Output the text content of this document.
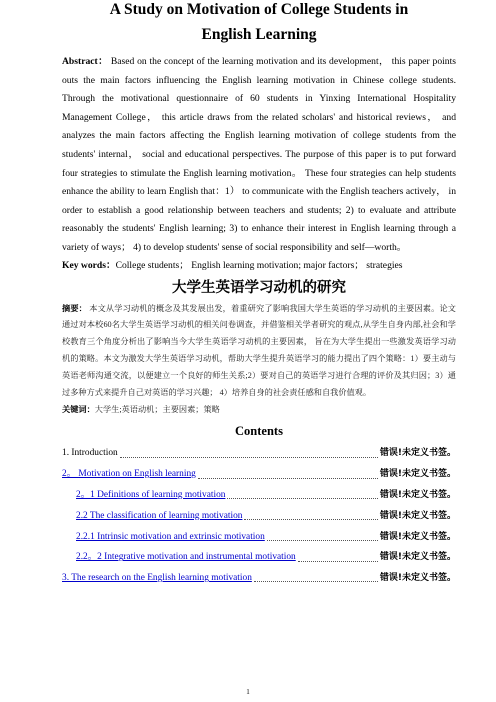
A Study on Motivation of College Students in
English Learning

Abstract： Based on the concept of the learning motivation and its development， this paper points outs the main factors influencing the English learning motivation in Chinese college students. Through the motivational questionnaire of 60 students in Yinxing International Hospitality Management College， this article draws from the related scholars' and historical reviews， and analyzes the main factors affecting the English learning motivation of college students from the students' internal， social and educational perspectives. The purpose of this paper is to put forward four strategies to stimulate the English learning motivation。 These four strategies can help students enhance the ability to learn English that：1） to communicate with the English teachers actively， in order to establish a good relationship between teachers and students; 2) to evaluate and attribute reasonably the students' English learning; 3) to enhance their interest in English learning through a variety of ways； 4) to develop students' sense of social responsibility and self—worth。

Key words：College students； English learning motivation; major factors； strategies

大学生英语学习动机的研究

摘要： 本文从学习动机的概念及其发展出发，着重研究了影响我国大学生英语的学习动机的主要因素。论文通过对本校60名大学生英语学习动机的相关问卷调查，并借鉴相关学者研究的观点,从学生自身内部,社会和学校教育三个角度分析出了影响当今大学生英语学习动机的主要因素， 旨在为大学生提出一些激发英语学习动机的策略。本文为激发大学生英语学习动机，帮助大学生提升英语学习的能力提出了四个策略：1）要主动与英语老师沟通交流，以便建立一个良好的师生关系;2）要对自己的英语学习进行合理的评价及其归因；3）通过多种方式来提升自己对英语的学习兴趣； 4）培养自身的社会责任感和自我价值观。

关键词：大学生;英语动机；主要因素；策略

Contents
1. Introduction	错误!未定义书签。
2。 Motivation on English learning	错误!未定义书签。
2。1 Definitions of learning motivation	错误!未定义书签。
2.2 The classification of learning motivation	错误!未定义书签。
2.2.1 Intrinsic motivation and extrinsic motivation	错误!未定义书签。
2.2。2 Integrative motivation and instrumental motivation	错误!未定义书签。
3. The research on the English learning motivation	错误!未定义书签。
1
